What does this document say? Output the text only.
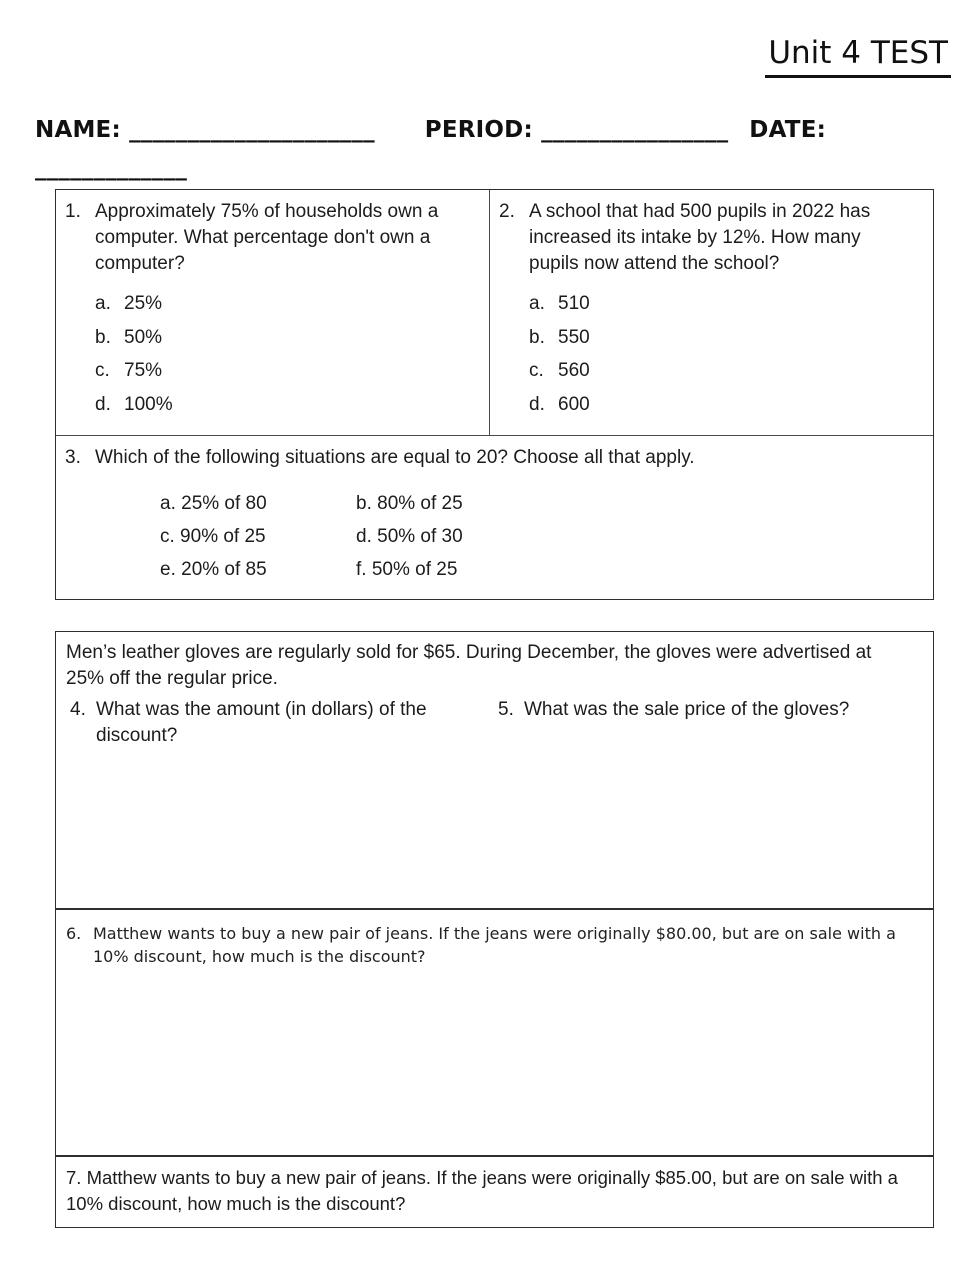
Unit 4 TEST
NAME: _____________________ PERIOD: ________________ DATE:
_____________
1. Approximately 75% of households own a computer. What percentage don't own a computer?
a. 25%
b. 50%
c. 75%
d. 100%
2. A school that had 500 pupils in 2022 has increased its intake by 12%. How many pupils now attend the school?
a. 510
b. 550
c. 560
d. 600
3. Which of the following situations are equal to 20? Choose all that apply.
a. 25% of 80	b. 80% of 25
c. 90% of 25	d. 50% of 30
e. 20% of 85	f. 50% of 25
Men’s leather gloves are regularly sold for $65. During December, the gloves were advertised at 25% off the regular price.
4. What was the amount (in dollars) of the discount?
5. What was the sale price of the gloves?
6. Matthew wants to buy a new pair of jeans. If the jeans were originally $80.00, but are on sale with a 10% discount, how much is the discount?
7. Matthew wants to buy a new pair of jeans. If the jeans were originally $85.00, but are on sale with a 10% discount, how much is the discount?
